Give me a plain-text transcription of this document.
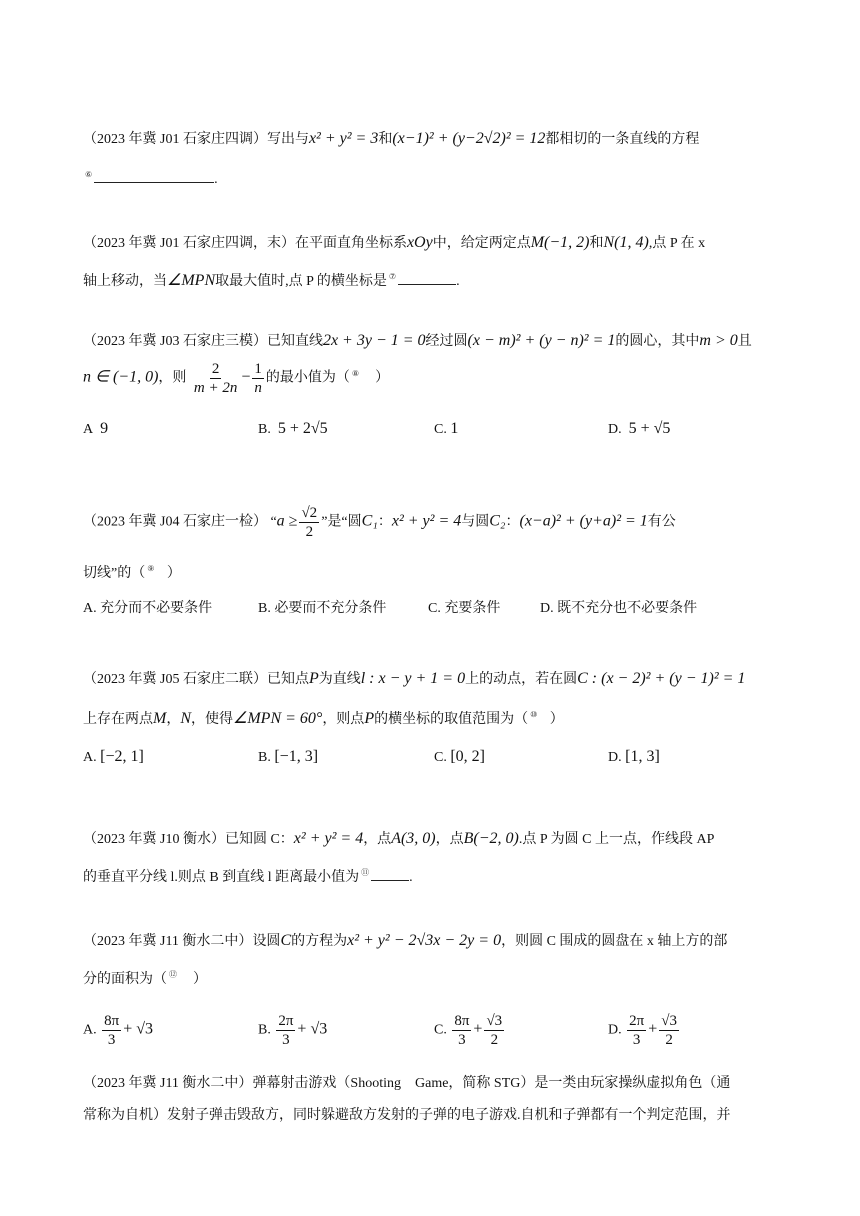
（2023 年冀 J01 石家庄四调）写出与x² + y² = 3和(x−1)² + (y−2√2)² = 12都相切的一条直线的方程
⑥	.
（2023 年冀 J01 石家庄四调，末）在平面直角坐标系xOy中，给定两定点M(−1, 2)和N(1, 4),点 P 在 x
轴上移动，当∠MPN取最大值时,点 P 的横坐标是 ⑦	.
（2023 年冀 J03 石家庄三模）已知直线2x + 3y − 1 = 0经过圆(x − m)² + (y − n)² = 1的圆心，其中m > 0且
n ∈ (−1, 0)，则 $\frac{2}{m + 2n} - \frac{1}{n}$ 的最小值为（ ⑧ ）
A 9	B. 5 + 2√5	C. 1	D. 5 + √5
（2023 年冀 J04 石家庄一检） “$a \ge \frac{√2}{2}$ ”是“圆C₁：x² + y² = 4与圆C₂：(x−a)² + (y+a)² = 1有公
切线”的（ ⑨ ）
A. 充分而不必要条件	B. 必要而不充分条件	C. 充要条件	D. 既不充分也不必要条件
（2023 年冀 J05 石家庄二联）已知点P为直线l : x − y + 1 = 0上的动点，若在圆C : (x − 2)² + (y − 1)² = 1
上存在两点M，N，使得∠MPN = 60°，则点P的横坐标的取值范围为（ ⑩ ）
A. [−2, 1]	B. [−1, 3]	C. [0, 2]	D. [1, 3]
（2023 年冀 J10 衡水）已知圆 C：x² + y² = 4，点A(3, 0)，点B(−2, 0).点 P 为圆 C 上一点，作线段 AP
的垂直平分线 l.则点 B 到直线 l 距离最小值为 ⑪	.
（2023 年冀 J11 衡水二中）设圆C的方程为x² + y² − 2√3x − 2y = 0，则圆 C 围成的圆盘在 x 轴上方的部
分的面积为（ ⑫ ）
A. $\frac{8\pi}{3} + √3$	B. $\frac{2\pi}{3} + √3$	C. $\frac{8\pi}{3} + \frac{√3}{2}$	D. $\frac{2\pi}{3} + \frac{√3}{2}$
（2023 年冀 J11 衡水二中）弹幕射击游戏（Shooting　Game，简称 STG）是一类由玩家操纵虚拟角色（通
常称为自机）发射子弹击毁敌方，同时躲避敌方发射的子弹的电子游戏.自机和子弹都有一个判定范围，并
